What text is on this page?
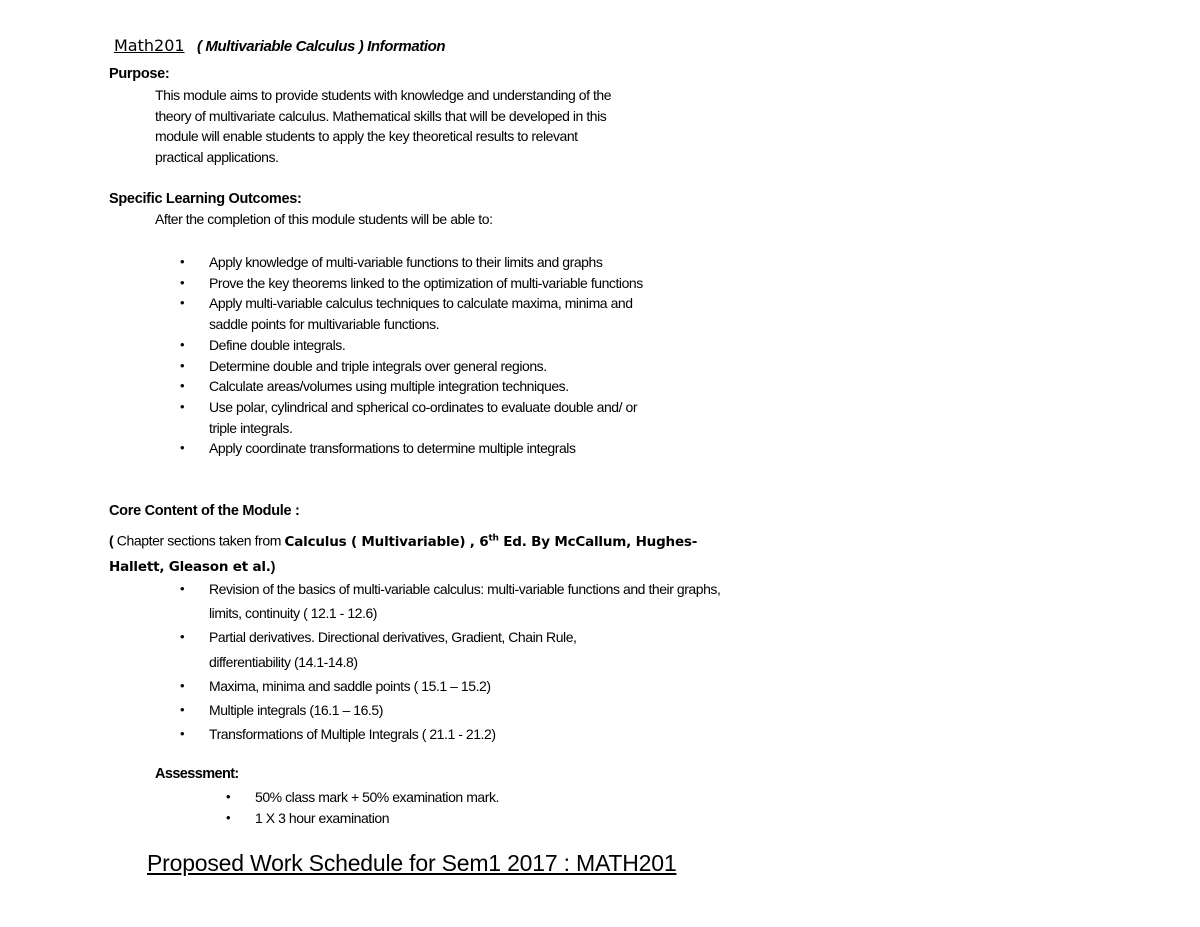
Math201 ( Multivariable Calculus ) Information
Purpose:
This module aims to provide students with knowledge and understanding of the
theory of multivariate calculus. Mathematical skills that will be developed in this
module will enable students to apply the key theoretical results to relevant
practical applications.
Specific Learning Outcomes:
After the completion of this module students will be able to:
• Apply knowledge of multi-variable functions to their limits and graphs
• Prove the key theorems linked to the optimization of multi-variable functions
• Apply multi-variable calculus techniques to calculate maxima, minima and saddle points for multivariable functions.
• Define double integrals.
• Determine double and triple integrals over general regions.
• Calculate areas/volumes using multiple integration techniques.
• Use polar, cylindrical and spherical co-ordinates to evaluate double and/ or triple integrals.
• Apply coordinate transformations to determine multiple integrals
Core Content of the Module :
( Chapter sections taken from Calculus ( Multivariable) , 6th Ed. By McCallum, Hughes-Hallett, Gleason et al.)
• Revision of the basics of multi-variable calculus: multi-variable functions and their graphs, limits, continuity ( 12.1 - 12.6)
• Partial derivatives. Directional derivatives, Gradient, Chain Rule, differentiability (14.1-14.8)
• Maxima, minima and saddle points ( 15.1 – 15.2)
• Multiple integrals (16.1 – 16.5)
• Transformations of Multiple Integrals ( 21.1 - 21.2)
Assessment:
• 50% class mark + 50% examination mark.
• 1 X 3 hour examination
Proposed Work Schedule for Sem1 2017 : MATH201
